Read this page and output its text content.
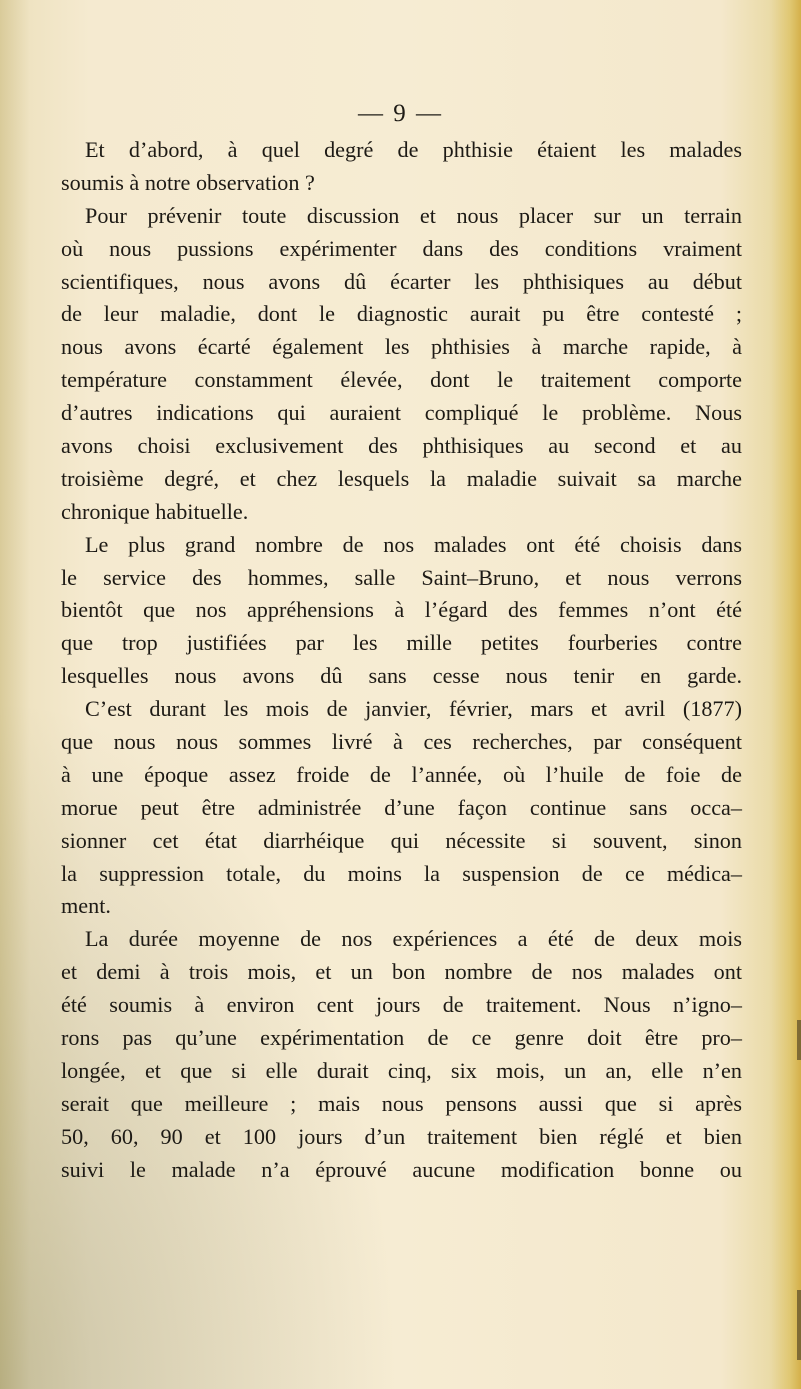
— 9 —
Et d’abord, à quel degré de phthisie étaient les malades
soumis à notre observation ?
Pour prévenir toute discussion et nous placer sur un terrain
où nous pussions expérimenter dans des conditions vraiment
scientifiques, nous avons dû écarter les phthisiques au début
de leur maladie, dont le diagnostic aurait pu être contesté ;
nous avons écarté également les phthisies à marche rapide, à
température constamment élevée, dont le traitement comporte
d’autres indications qui auraient compliqué le problème. Nous
avons choisi exclusivement des phthisiques au second et au
troisième degré, et chez lesquels la maladie suivait sa marche
chronique habituelle.
Le plus grand nombre de nos malades ont été choisis dans
le service des hommes, salle Saint–Bruno, et nous verrons
bientôt que nos appréhensions à l’égard des femmes n’ont été
que trop justifiées par les mille petites fourberies contre
lesquelles nous avons dû sans cesse nous tenir en garde.
C’est durant les mois de janvier, février, mars et avril (1877)
que nous nous sommes livré à ces recherches, par conséquent
à une époque assez froide de l’année, où l’huile de foie de
morue peut être administrée d’une façon continue sans occa–
sionner cet état diarrhéique qui nécessite si souvent, sinon
la suppression totale, du moins la suspension de ce médica–
ment.
La durée moyenne de nos expériences a été de deux mois
et demi à trois mois, et un bon nombre de nos malades ont
été soumis à environ cent jours de traitement. Nous n’igno–
rons pas qu’une expérimentation de ce genre doit être pro–
longée, et que si elle durait cinq, six mois, un an, elle n’en
serait que meilleure ; mais nous pensons aussi que si après
50, 60, 90 et 100 jours d’un traitement bien réglé et bien
suivi le malade n’a éprouvé aucune modification bonne ou
